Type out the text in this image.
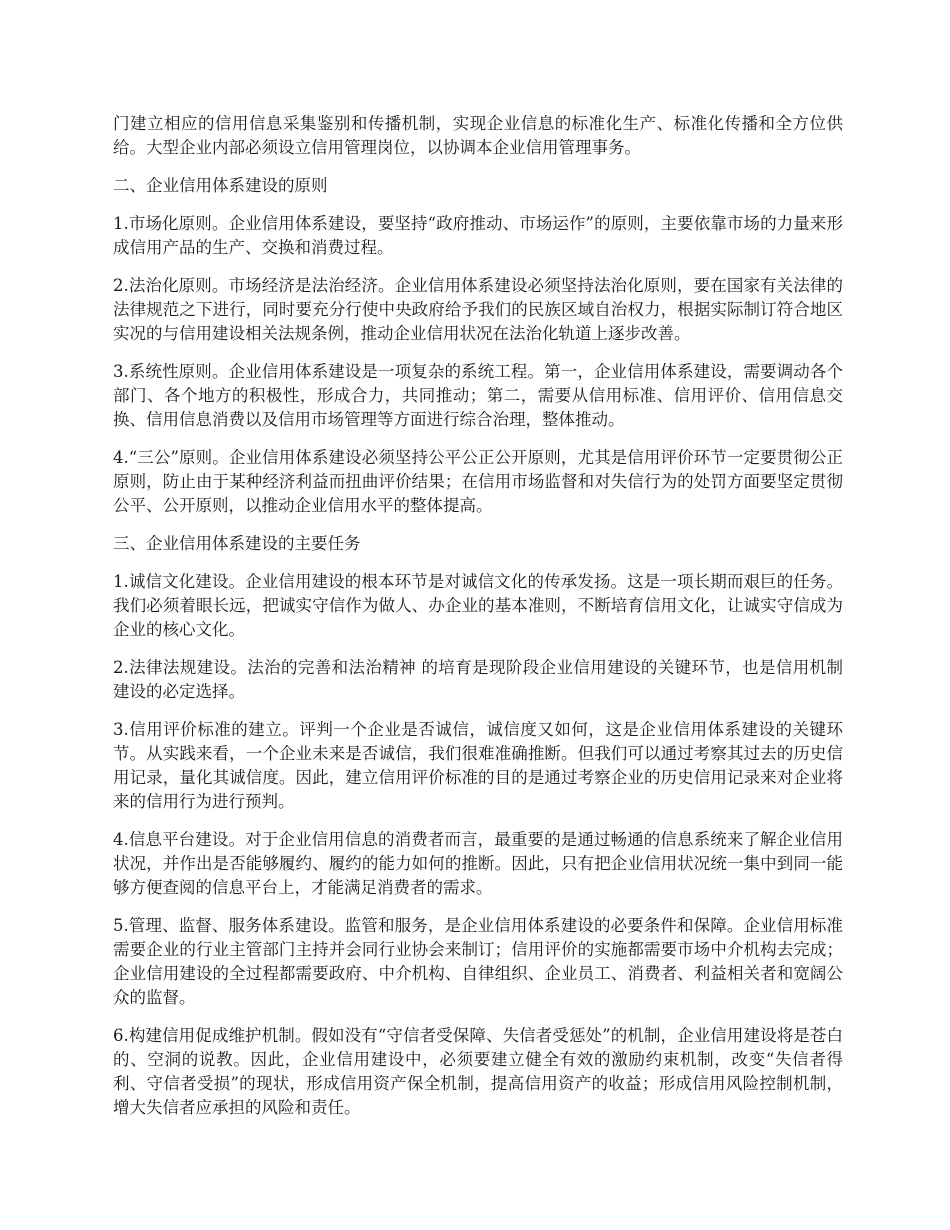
门建立相应的信用信息采集鉴别和传播机制，实现企业信息的标准化生产、标准化传播和全方位供给。大型企业内部必须设立信用管理岗位，以协调本企业信用管理事务。

二、企业信用体系建设的原则

1.市场化原则。企业信用体系建设，要坚持“政府推动、市场运作”的原则，主要依靠市场的力量来形成信用产品的生产、交换和消费过程。

2.法治化原则。市场经济是法治经济。企业信用体系建设必须坚持法治化原则，要在国家有关法律的法律规范之下进行，同时要充分行使中央政府给予我们的民族区域自治权力，根据实际制订符合地区实况的与信用建设相关法规条例，推动企业信用状况在法治化轨道上逐步改善。

3.系统性原则。企业信用体系建设是一项复杂的系统工程。第一，企业信用体系建设，需要调动各个部门、各个地方的积极性，形成合力，共同推动；第二，需要从信用标准、信用评价、信用信息交换、信用信息消费以及信用市场管理等方面进行综合治理，整体推动。

4.“三公”原则。企业信用体系建设必须坚持公平公正公开原则，尤其是信用评价环节一定要贯彻公正原则，防止由于某种经济利益而扭曲评价结果；在信用市场监督和对失信行为的处罚方面要坚定贯彻公平、公开原则，以推动企业信用水平的整体提高。

三、企业信用体系建设的主要任务

1.诚信文化建设。企业信用建设的根本环节是对诚信文化的传承发扬。这是一项长期而艰巨的任务。我们必须着眼长远，把诚实守信作为做人、办企业的基本准则，不断培育信用文化，让诚实守信成为企业的核心文化。

2.法律法规建设。法治的完善和法治精神 的培育是现阶段企业信用建设的关键环节，也是信用机制建设的必定选择。

3.信用评价标准的建立。评判一个企业是否诚信，诚信度又如何，这是企业信用体系建设的关键环节。从实践来看，一个企业未来是否诚信，我们很难准确推断。但我们可以通过考察其过去的历史信用记录，量化其诚信度。因此，建立信用评价标准的目的是通过考察企业的历史信用记录来对企业将来的信用行为进行预判。

4.信息平台建设。对于企业信用信息的消费者而言，最重要的是通过畅通的信息系统来了解企业信用状况，并作出是否能够履约、履约的能力如何的推断。因此，只有把企业信用状况统一集中到同一能够方便查阅的信息平台上，才能满足消费者的需求。

5.管理、监督、服务体系建设。监管和服务，是企业信用体系建设的必要条件和保障。企业信用标准需要企业的行业主管部门主持并会同行业协会来制订；信用评价的实施都需要市场中介机构去完成；企业信用建设的全过程都需要政府、中介机构、自律组织、企业员工、消费者、利益相关者和宽阔公众的监督。

6.构建信用促成维护机制。假如没有“守信者受保障、失信者受惩处”的机制，企业信用建设将是苍白的、空洞的说教。因此，企业信用建设中，必须要建立健全有效的激励约束机制，改变“失信者得利、守信者受损”的现状，形成信用资产保全机制，提高信用资产的收益；形成信用风险控制机制，增大失信者应承担的风险和责任。
